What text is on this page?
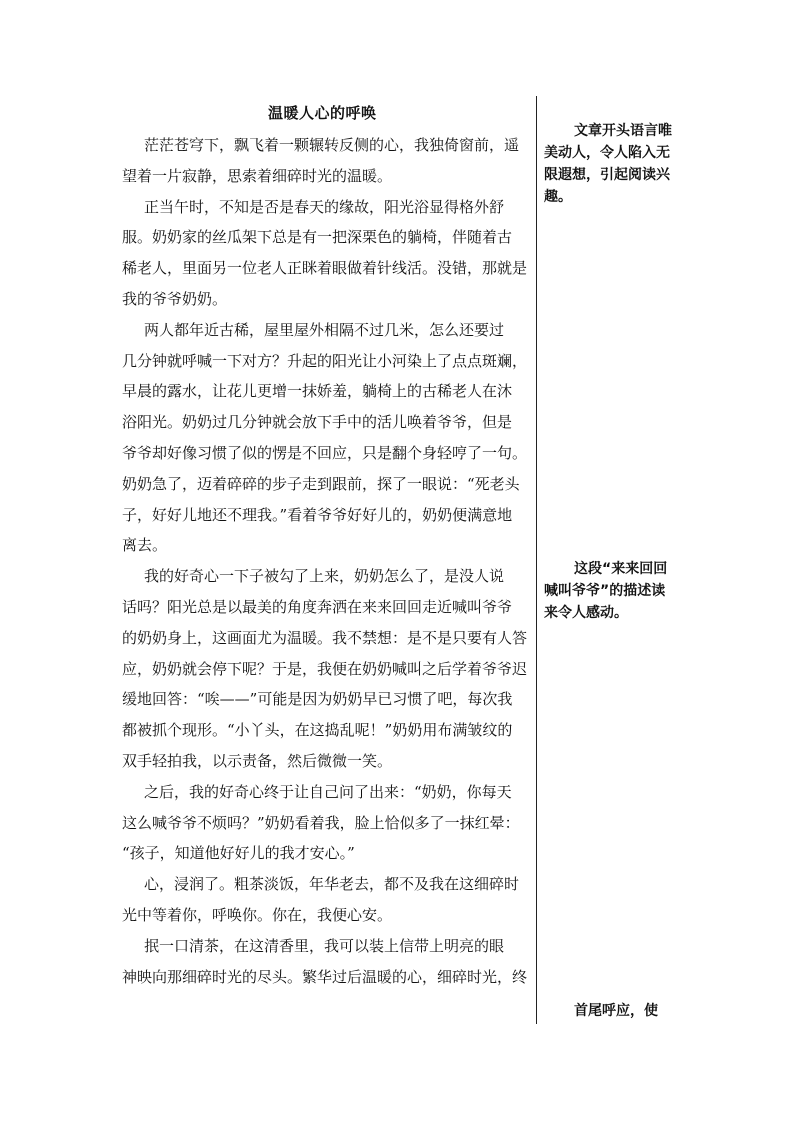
温暖人心的呼唤
茫茫苍穹下，飘飞着一颗辗转反侧的心，我独倚窗前，遥
望着一片寂静，思索着细碎时光的温暖。
正当午时，不知是否是春天的缘故，阳光浴显得格外舒
服。奶奶家的丝瓜架下总是有一把深栗色的躺椅，伴随着古
稀老人，里面另一位老人正眯着眼做着针线活。没错，那就是
我的爷爷奶奶。
两人都年近古稀，屋里屋外相隔不过几米，怎么还要过
几分钟就呼喊一下对方？升起的阳光让小河染上了点点斑斓，
早晨的露水，让花儿更增一抹娇羞，躺椅上的古稀老人在沐
浴阳光。奶奶过几分钟就会放下手中的活儿唤着爷爷，但是
爷爷却好像习惯了似的愣是不回应，只是翻个身轻哼了一句。
奶奶急了，迈着碎碎的步子走到跟前，探了一眼说：“死老头
子，好好儿地还不理我。”看着爷爷好好儿的，奶奶便满意地
离去。
我的好奇心一下子被勾了上来，奶奶怎么了，是没人说
话吗？阳光总是以最美的角度奔洒在来来回回走近喊叫爷爷
的奶奶身上，这画面尤为温暖。我不禁想：是不是只要有人答
应，奶奶就会停下呢？于是，我便在奶奶喊叫之后学着爷爷迟
缓地回答：“唉——”可能是因为奶奶早已习惯了吧，每次我
都被抓个现形。“小丫头，在这捣乱呢！”奶奶用布满皱纹的
双手轻拍我，以示责备，然后微微一笑。
之后，我的好奇心终于让自己问了出来：“奶奶，你每天
这么喊爷爷不烦吗？”奶奶看着我，脸上恰似多了一抹红晕：
“孩子，知道他好好儿的我才安心。”
心，浸润了。粗茶淡饭，年华老去，都不及我在这细碎时
光中等着你，呼唤你。你在，我便心安。
抿一口清茶，在这清香里，我可以装上信带上明亮的眼
神映向那细碎时光的尽头。繁华过后温暖的心，细碎时光，终
文章开头语言唯美动人，令人陷入无限遐想，引起阅读兴趣。
这段“来来回回喊叫爷爷”的描述读来令人感动。
首尾呼应，使
